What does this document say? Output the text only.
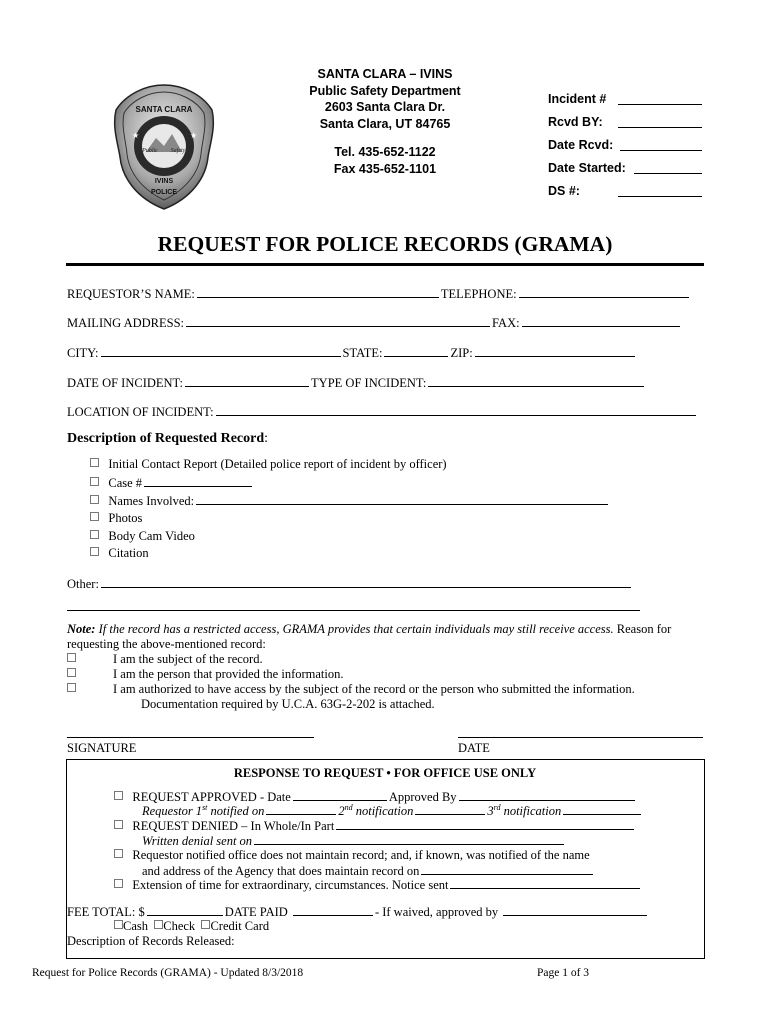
SANTA CLARA
Public Safety
IVINS
POLICE
★	★
SANTA CLARA – IVINS
Public Safety Department
2603 Santa Clara Dr.
Santa Clara, UT 84765
Tel. 435-652-1122
Fax 435-652-1101
Incident #
Rcvd BY:
Date Rcvd:
Date Started:
DS #:
REQUEST FOR POLICE RECORDS (GRAMA)
REQUESTOR’S NAME:	TELEPHONE:
MAILING ADDRESS:	FAX:
CITY:	STATE:	ZIP:
DATE OF INCIDENT:	TYPE OF INCIDENT:
LOCATION OF INCIDENT:
Description of Requested Record:
Initial Contact Report (Detailed police report of incident by officer)
Case #
Names Involved:
Photos
Body Cam Video
Citation
Other:
Note: If the record has a restricted access, GRAMA provides that certain individuals may still receive access. Reason for
requesting the above-mentioned record:
I am the subject of the record.
I am the person that provided the information.
I am authorized to have access by the subject of the record or the person who submitted the information.
Documentation required by U.C.A. 63G-2-202 is attached.
SIGNATURE	DATE
RESPONSE TO REQUEST • FOR OFFICE USE ONLY
REQUEST APPROVED - Date	Approved By
Requestor 1st notified on	2nd notification	3rd notification
REQUEST DENIED – In Whole/In Part
Written denial sent on
Requestor notified office does not maintain record; and, if known, was notified of the name
and address of the Agency that does maintain record on
Extension of time for extraordinary, circumstances. Notice sent
FEE TOTAL: $	DATE PAID	- If waived, approved by
Cash Check Credit Card
Description of Records Released:
Request for Police Records (GRAMA) - Updated 8/3/2018	Page 1 of 3
